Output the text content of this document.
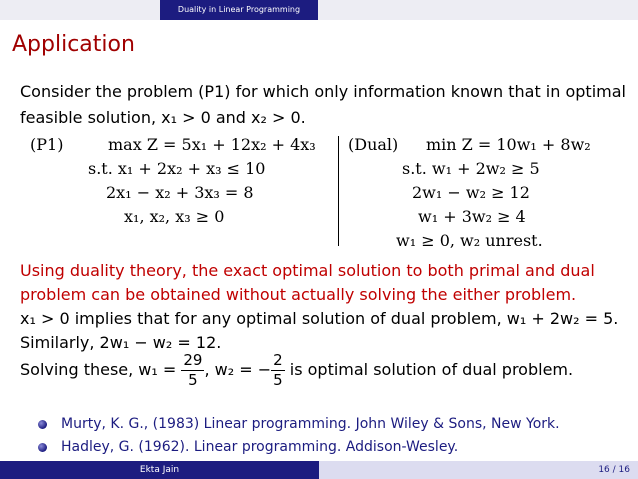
Duality in Linear Programming
Application
Consider the problem (P1) for which only information known that in optimal
feasible solution, x₁ > 0 and x₂ > 0.
(P1)	max Z = 5x₁ + 12x₂ + 4x₃
s.t. x₁ + 2x₂ + x₃ ≤ 10
2x₁ − x₂ + 3x₃ = 8
x₁, x₂, x₃ ≥ 0
(Dual) min Z = 10w₁ + 8w₂
s.t. w₁ + 2w₂ ≥ 5
2w₁ − w₂ ≥ 12
w₁ + 3w₂ ≥ 4
w₁ ≥ 0, w₂ unrest.
Using duality theory, the exact optimal solution to both primal and dual
problem can be obtained without actually solving the either problem.
x₁ > 0 implies that for any optimal solution of dual problem, w₁ + 2w₂ = 5.
Similarly, 2w₁ − w₂ = 12.
Solving these, $w_1 = \frac{29}{5}$ , w₂ = − $\frac{2}{5}$ is optimal solution of dual problem.
Murty, K. G., (1983) Linear programming. John Wiley & Sons, New York.
Hadley, G. (1962). Linear programming. Addison-Wesley.
Ekta Jain	16 / 16
